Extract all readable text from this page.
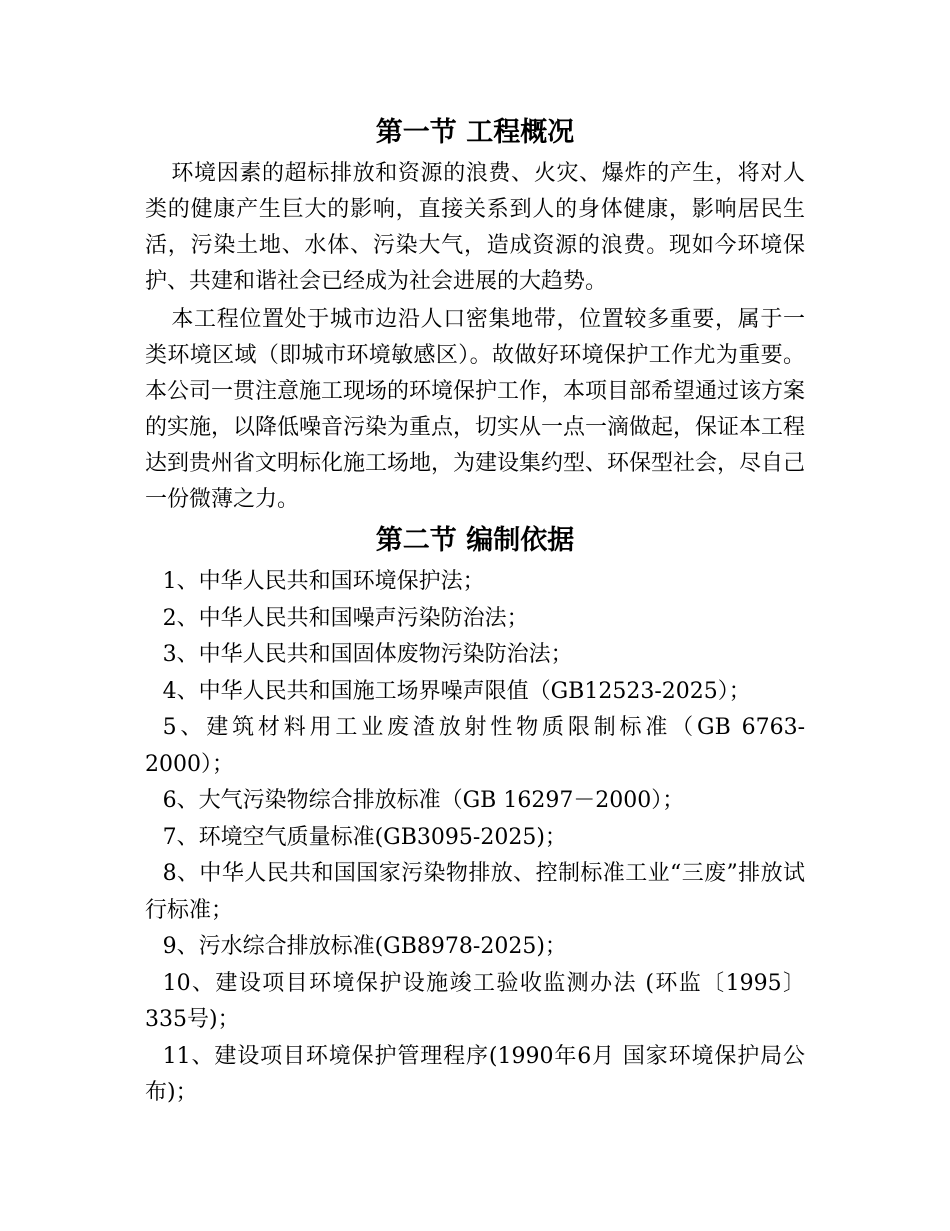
第一节 工程概况

环境因素的超标排放和资源的浪费、火灾、爆炸的产生，将对人类的健康产生巨大的影响，直接关系到人的身体健康，影响居民生活，污染土地、水体、污染大气，造成资源的浪费。现如今环境保护、共建和谐社会已经成为社会进展的大趋势。

本工程位置处于城市边沿人口密集地带，位置较多重要，属于一类环境区域（即城市环境敏感区）。故做好环境保护工作尤为重要。本公司一贯注意施工现场的环境保护工作，本项目部希望通过该方案的实施，以降低噪音污染为重点，切实从一点一滴做起，保证本工程达到贵州省文明标化施工场地，为建设集约型、环保型社会，尽自己一份微薄之力。

第二节 编制依据
1、中华人民共和国环境保护法；
2、中华人民共和国噪声污染防治法；
3、中华人民共和国固体废物污染防治法；
4、中华人民共和国施工场界噪声限值（GB12523-2025）；
5、建筑材料用工业废渣放射性物质限制标准（GB 6763-2000）；
6、大气污染物综合排放标准（GB 16297－2000）；
7、环境空气质量标准(GB3095-2025)；
8、中华人民共和国国家污染物排放、控制标准工业“三废”排放试行标准；
9、污水综合排放标准(GB8978-2025)；
10、建设项目环境保护设施竣工验收监测办法 (环监〔1995〕335号)；
11、建设项目环境保护管理程序(1990年6月 国家环境保护局公布)；
